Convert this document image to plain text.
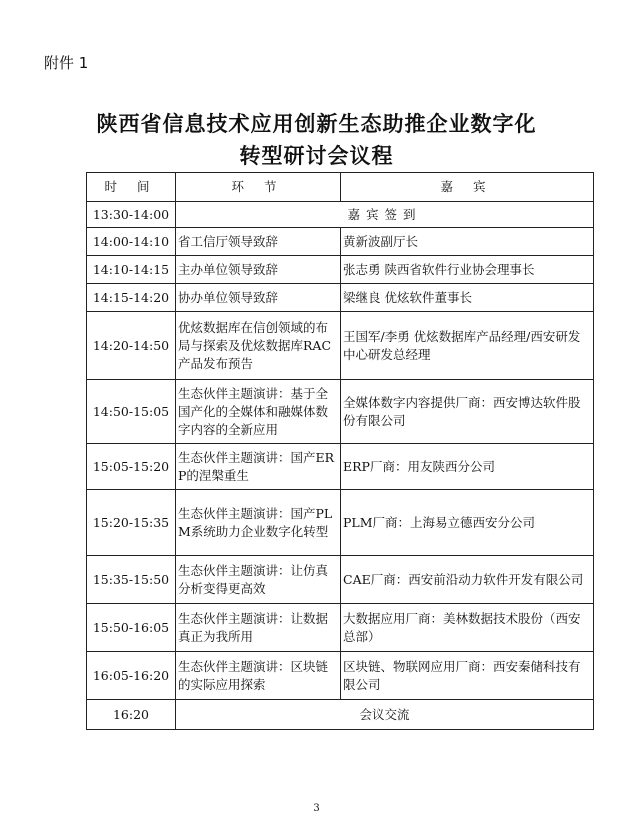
附件 1
陕西省信息技术应用创新生态助推企业数字化
转型研讨会议程
时 间	环 节	嘉 宾
13:30-14:00	嘉宾签到	
14:00-14:10	省工信厅领导致辞	黄新波副厅长
14:10-14:15	主办单位领导致辞	张志勇 陕西省软件行业协会理事长
14:15-14:20	协办单位领导致辞	梁继良 优炫软件董事长
14:20-14:50	优炫数据库在信创领域的布局与探索及优炫数据库RAC产品发布预告	王国军/李勇 优炫数据库产品经理/西安研发中心研发总经理
14:50-15:05	生态伙伴主题演讲：基于全国产化的全媒体和融媒体数字内容的全新应用	全媒体数字内容提供厂商：西安博达软件股份有限公司
15:05-15:20	生态伙伴主题演讲：国产ERP的涅槃重生	ERP厂商：用友陕西分公司
15:20-15:35	生态伙伴主题演讲：国产PLM系统助力企业数字化转型	PLM厂商：上海易立德西安分公司
15:35-15:50	生态伙伴主题演讲：让仿真分析变得更高效	CAE厂商：西安前沿动力软件开发有限公司
15:50-16:05	生态伙伴主题演讲：让数据真正为我所用	大数据应用厂商：美林数据技术股份（西安总部）
16:05-16:20	生态伙伴主题演讲：区块链的实际应用探索	区块链、物联网应用厂商：西安秦储科技有限公司
16:20	会议交流	
3
